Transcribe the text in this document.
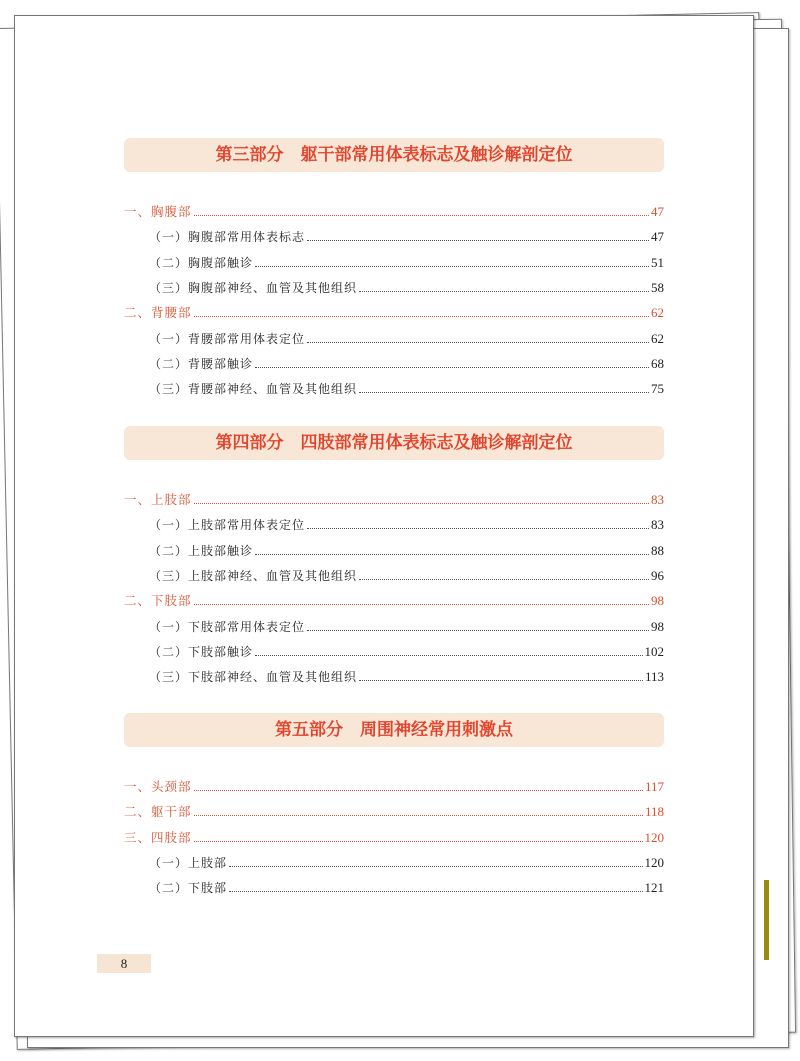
第三部分　躯干部常用体表标志及触诊解剖定位
一、胸腹部	47
（一）胸腹部常用体表标志	47
（二）胸腹部触诊	51
（三）胸腹部神经、血管及其他组织	58
二、背腰部	62
（一）背腰部常用体表定位	62
（二）背腰部触诊	68
（三）背腰部神经、血管及其他组织	75
第四部分　四肢部常用体表标志及触诊解剖定位
一、上肢部	83
（一）上肢部常用体表定位	83
（二）上肢部触诊	88
（三）上肢部神经、血管及其他组织	96
二、下肢部	98
（一）下肢部常用体表定位	98
（二）下肢部触诊	102
（三）下肢部神经、血管及其他组织	113
第五部分　周围神经常用刺激点
一、头颈部	117
二、躯干部	118
三、四肢部	120
（一）上肢部	120
（二）下肢部	121
8
